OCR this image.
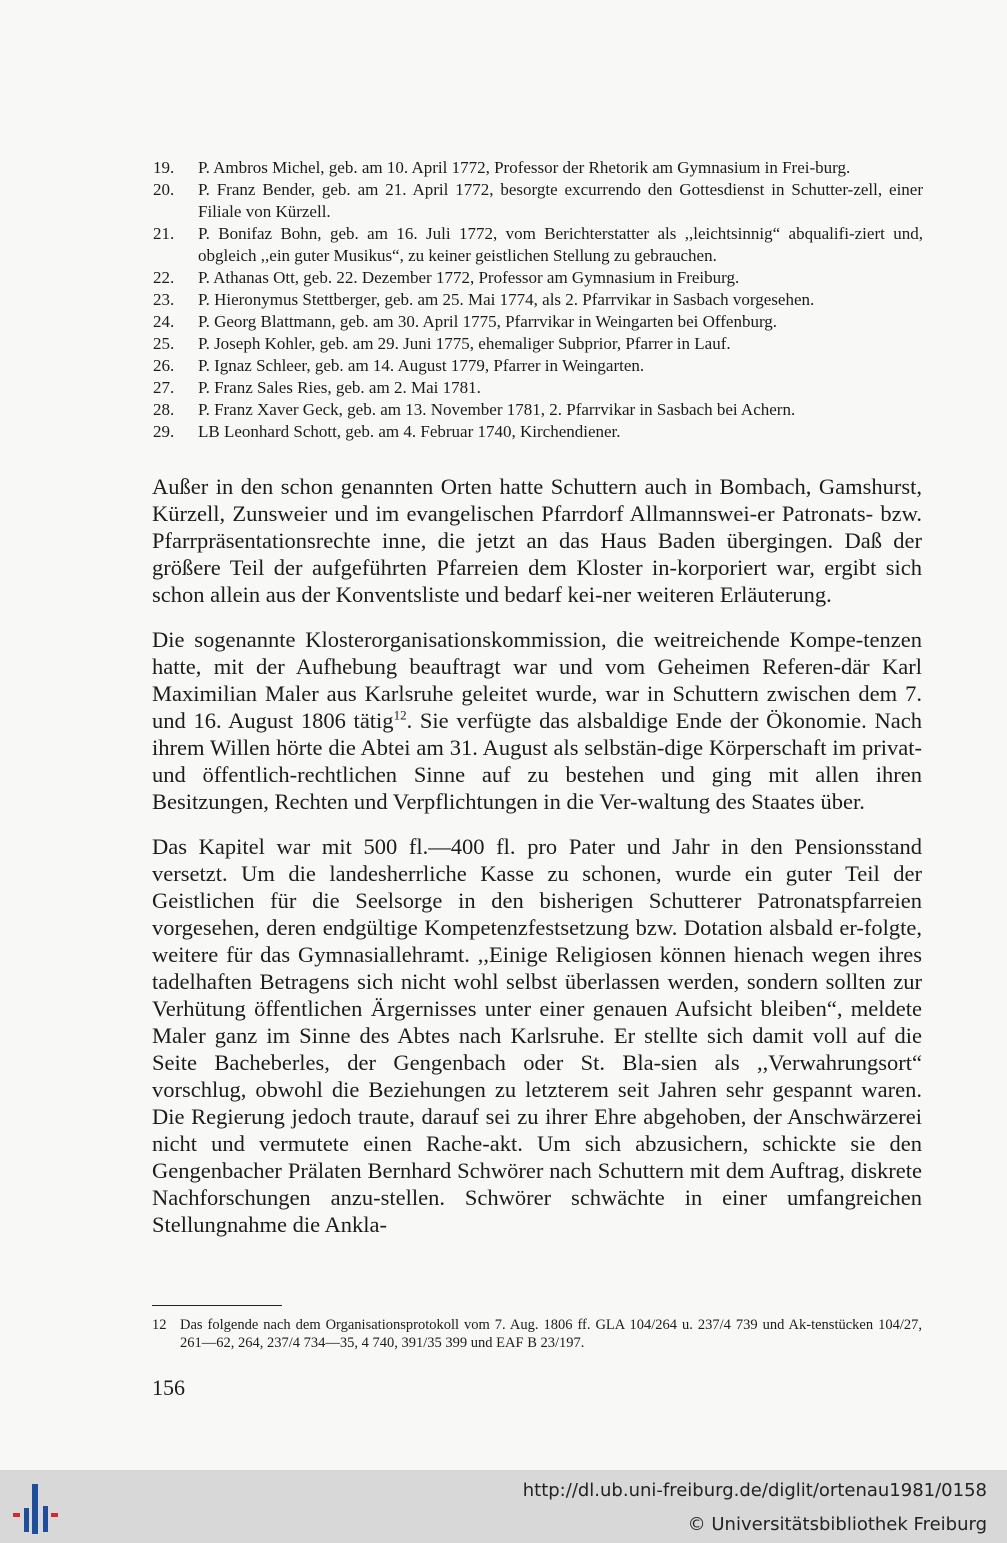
19.	P. Ambros Michel, geb. am 10. April 1772, Professor der Rhetorik am Gymnasium in Frei-burg.
20.	P. Franz Bender, geb. am 21. April 1772, besorgte excurrendo den Gottesdienst in Schutter-zell, einer Filiale von Kürzell.
21.	P. Bonifaz Bohn, geb. am 16. Juli 1772, vom Berichterstatter als ,,leichtsinnig“ abqualifi-ziert und, obgleich ,,ein guter Musikus“, zu keiner geistlichen Stellung zu gebrauchen.
22.	P. Athanas Ott, geb. 22. Dezember 1772, Professor am Gymnasium in Freiburg.
23.	P. Hieronymus Stettberger, geb. am 25. Mai 1774, als 2. Pfarrvikar in Sasbach vorgesehen.
24.	P. Georg Blattmann, geb. am 30. April 1775, Pfarrvikar in Weingarten bei Offenburg.
25.	P. Joseph Kohler, geb. am 29. Juni 1775, ehemaliger Subprior, Pfarrer in Lauf.
26.	P. Ignaz Schleer, geb. am 14. August 1779, Pfarrer in Weingarten.
27.	P. Franz Sales Ries, geb. am 2. Mai 1781.
28.	P. Franz Xaver Geck, geb. am 13. November 1781, 2. Pfarrvikar in Sasbach bei Achern.
29.	LB Leonhard Schott, geb. am 4. Februar 1740, Kirchendiener.

Außer in den schon genannten Orten hatte Schuttern auch in Bombach, Gamshurst, Kürzell, Zunsweier und im evangelischen Pfarrdorf Allmannswei-er Patronats- bzw. Pfarrpräsentationsrechte inne, die jetzt an das Haus Baden übergingen. Daß der größere Teil der aufgeführten Pfarreien dem Kloster in-korporiert war, ergibt sich schon allein aus der Konventsliste und bedarf kei-ner weiteren Erläuterung.

Die sogenannte Klosterorganisationskommission, die weitreichende Kompe-tenzen hatte, mit der Aufhebung beauftragt war und vom Geheimen Referen-där Karl Maximilian Maler aus Karlsruhe geleitet wurde, war in Schuttern zwischen dem 7. und 16. August 1806 tätig$^{12}$. Sie verfügte das alsbaldige Ende der Ökonomie. Nach ihrem Willen hörte die Abtei am 31. August als selbstän-dige Körperschaft im privat- und öffentlich-rechtlichen Sinne auf zu bestehen und ging mit allen ihren Besitzungen, Rechten und Verpflichtungen in die Ver-waltung des Staates über.

Das Kapitel war mit 500 fl.—400 fl. pro Pater und Jahr in den Pensionsstand versetzt. Um die landesherrliche Kasse zu schonen, wurde ein guter Teil der Geistlichen für die Seelsorge in den bisherigen Schutterer Patronatspfarreien vorgesehen, deren endgültige Kompetenzfestsetzung bzw. Dotation alsbald er-folgte, weitere für das Gymnasiallehramt. ,,Einige Religiosen können hienach wegen ihres tadelhaften Betragens sich nicht wohl selbst überlassen werden, sondern sollten zur Verhütung öffentlichen Ärgernisses unter einer genauen Aufsicht bleiben“, meldete Maler ganz im Sinne des Abtes nach Karlsruhe. Er stellte sich damit voll auf die Seite Bacheberles, der Gengenbach oder St. Bla-sien als ,,Verwahrungsort“ vorschlug, obwohl die Beziehungen zu letzterem seit Jahren sehr gespannt waren. Die Regierung jedoch traute, darauf sei zu ihrer Ehre abgehoben, der Anschwärzerei nicht und vermutete einen Rache-akt. Um sich abzusichern, schickte sie den Gengenbacher Prälaten Bernhard Schwörer nach Schuttern mit dem Auftrag, diskrete Nachforschungen anzu-stellen. Schwörer schwächte in einer umfangreichen Stellungnahme die Ankla-

12 Das folgende nach dem Organisationsprotokoll vom 7. Aug. 1806 ff. GLA 104/264 u. 237/4 739 und Ak-tenstücken 104/27, 261—62, 264, 237/4 734—35, 4 740, 391/35 399 und EAF B 23/197.
156
http://dl.ub.uni-freiburg.de/diglit/ortenau1981/0158
© Universitätsbibliothek Freiburg
